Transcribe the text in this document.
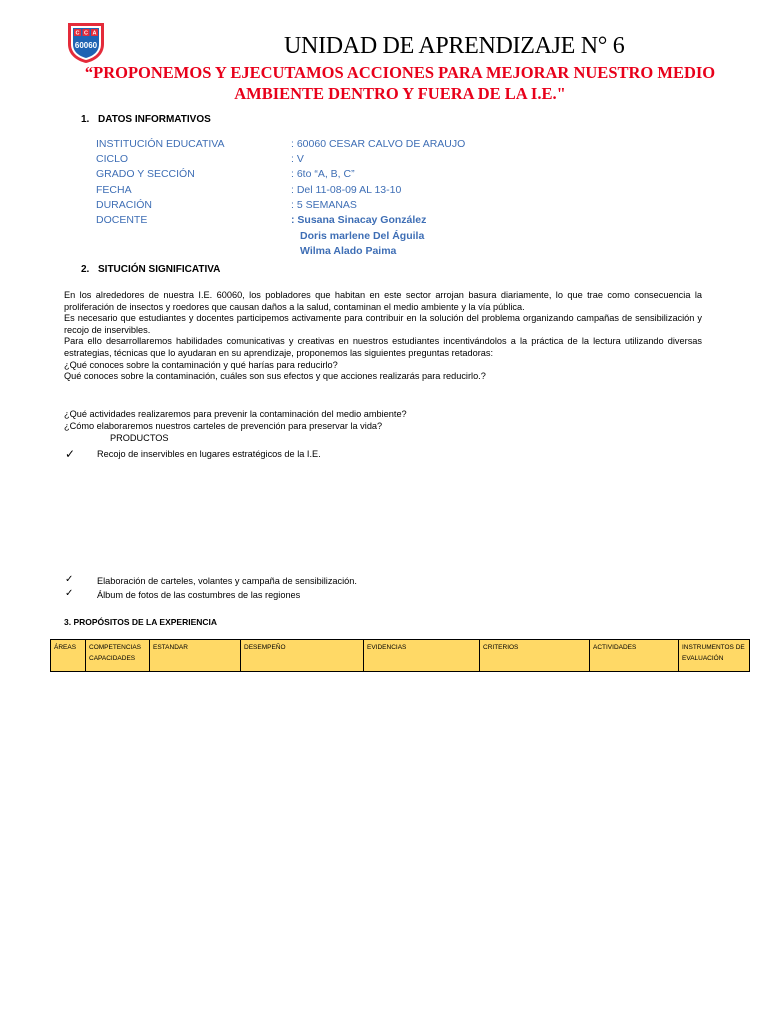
C C A
60060	UNIDAD DE APRENDIZAJE N° 6
“PROPONEMOS Y EJECUTAMOS ACCIONES PARA MEJORAR NUESTRO MEDIO
AMBIENTE DENTRO Y FUERA DE LA I.E."
1. DATOS INFORMATIVOS
INSTITUCIÓN EDUCATIVA	: 60060 CESAR CALVO DE ARAUJO
CICLO	: V
GRADO Y SECCIÓN	: 6to “A, B, C”
FECHA	: Del 11-08-09 AL 13-10
DURACIÓN	: 5 SEMANAS
DOCENTE	: Susana Sinacay González
Doris marlene Del Águila
Wilma Alado Paima
2. SITUCIÓN SIGNIFICATIVA

En los alrededores de nuestra I.E. 60060, los pobladores que habitan en este sector arrojan basura diariamente, lo que trae como consecuencia la proliferación de insectos y roedores que causan daños a la salud, contaminan el medio ambiente y la vía pública.

Es necesario que estudiantes y docentes participemos activamente para contribuir en la solución del problema organizando campañas de sensibilización y recojo de inservibles.

Para ello desarrollaremos habilidades comunicativas y creativas en nuestros estudiantes incentivándolos a la práctica de la lectura utilizando diversas estrategias, técnicas que lo ayudaran en su aprendizaje, proponemos las siguientes preguntas retadoras:

¿Qué conoces sobre la contaminación y qué harías para reducirlo?

Qué conoces sobre la contaminación, cuáles son sus efectos y que acciones realizarás para reducirlo.?

¿Qué actividades realizaremos para prevenir la contaminación del medio ambiente?
¿Cómo elaboraremos nuestros carteles de prevención para preservar la vida?
PRODUCTOS
✓ Recojo de inservibles en lugares estratégicos de la I.E.
✓	Elaboración de carteles, volantes y campaña de sensibilización.
✓	Álbum de fotos de las costumbres de las regiones
3. PROPÓSITOS DE LA EXPERIENCIA
ÁREAS	COMPETENCIAS CAPACIDADES	ESTANDAR	DESEMPEÑO	EVIDENCIAS	CRITERIOS	ACTIVIDADES	INSTRUMENTOS DE EVALUACIÓN
